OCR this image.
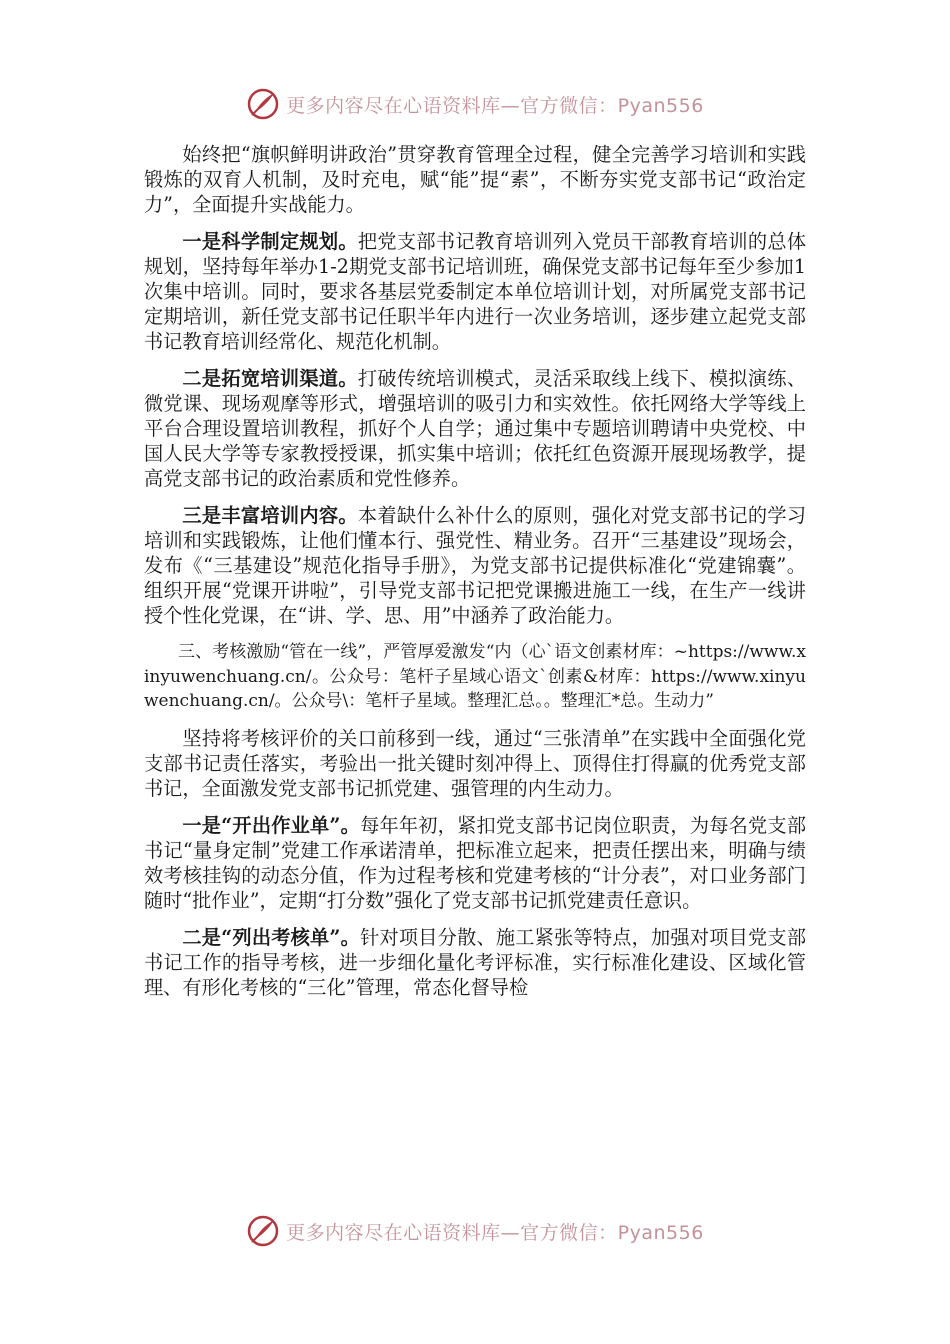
更多内容尽在心语资料库—官方微信：Pyan556

始终把“旗帜鲜明讲政治”贯穿教育管理全过程，健全完善学习培训和实践锻炼的双育人机制，及时充电，赋“能”提“素”，不断夯实党支部书记“政治定力”，全面提升实战能力。

一是科学制定规划。把党支部书记教育培训列入党员干部教育培训的总体规划，坚持每年举办1-2期党支部书记培训班，确保党支部书记每年至少参加1次集中培训。同时，要求各基层党委制定本单位培训计划，对所属党支部书记定期培训，新任党支部书记任职半年内进行一次业务培训，逐步建立起党支部书记教育培训经常化、规范化机制。

二是拓宽培训渠道。打破传统培训模式，灵活采取线上线下、模拟演练、微党课、现场观摩等形式，增强培训的吸引力和实效性。依托网络大学等线上平台合理设置培训教程，抓好个人自学；通过集中专题培训聘请中央党校、中国人民大学等专家教授授课，抓实集中培训；依托红色资源开展现场教学，提高党支部书记的政治素质和党性修养。

三是丰富培训内容。本着缺什么补什么的原则，强化对党支部书记的学习培训和实践锻炼，让他们懂本行、强党性、精业务。召开“三基建设”现场会，发布《“三基建设”规范化指导手册》，为党支部书记提供标准化“党建锦囊”。组织开展“党课开讲啦”，引导党支部书记把党课搬进施工一线，在生产一线讲授个性化党课，在“讲、学、思、用”中涵养了政治能力。

三、考核激励“管在一线”，严管厚爱激发“内（心`语文创素材库：~https://www.xinyuwenchuang.cn/。公众号：笔杆子星域心语文`创素&材库：https://www.xinyuwenchuang.cn/。公众号\：笔杆子星域。整理汇总。。整理汇*总。生动力”

坚持将考核评价的关口前移到一线，通过“三张清单”在实践中全面强化党支部书记责任落实，考验出一批关键时刻冲得上、顶得住打得赢的优秀党支部书记，全面激发党支部书记抓党建、强管理的内生动力。

一是“开出作业单”。每年年初，紧扣党支部书记岗位职责，为每名党支部书记“量身定制”党建工作承诺清单，把标准立起来，把责任摆出来，明确与绩效考核挂钩的动态分值，作为过程考核和党建考核的“计分表”，对口业务部门随时“批作业”，定期“打分数”强化了党支部书记抓党建责任意识。

二是“列出考核单”。针对项目分散、施工紧张等特点，加强对项目党支部书记工作的指导考核，进一步细化量化考评标准，实行标准化建设、区域化管理、有形化考核的“三化”管理，常态化督导检

更多内容尽在心语资料库—官方微信：Pyan556
